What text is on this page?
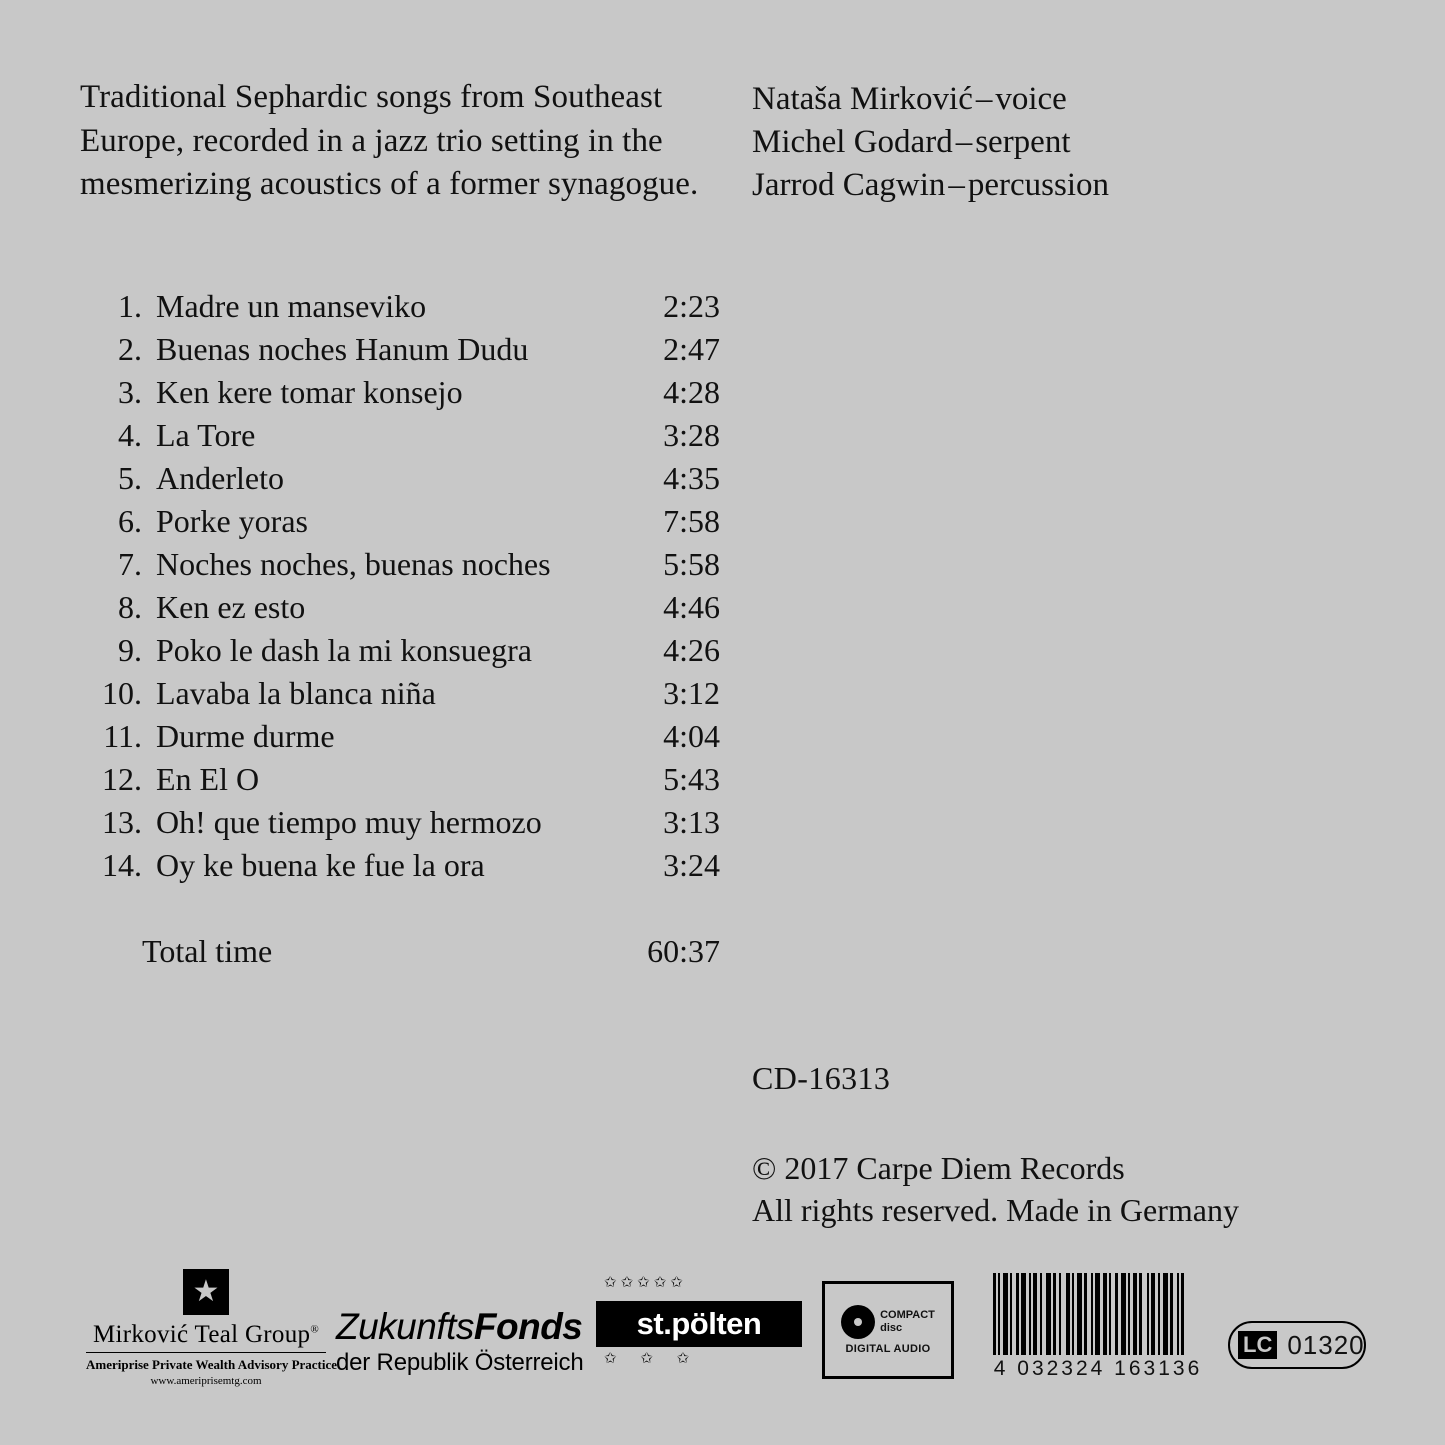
Traditional Sephardic songs from Southeast Europe, recorded in a jazz trio setting in the mesmerizing acoustics of a former synagogue.
Nataša Mirković–voice
Michel Godard–serpent
Jarrod Cagwin–percussion
1. Madre un manseviko	2:23
2. Buenas noches Hanum Dudu	2:47
3. Ken kere tomar konsejo	4:28
4. La Tore	3:28
5. Anderleto	4:35
6. Porke yoras	7:58
7. Noches noches, buenas noches	5:58
8. Ken ez esto	4:46
9. Poko le dash la mi konsuegra	4:26
10. Lavaba la blanca niña	3:12
11. Durme durme	4:04
12. En El O	5:43
13. Oh! que tiempo muy hermozo	3:13
14. Oy ke buena ke fue la ora	3:24
Total time	60:37
CD-16313
© 2017 Carpe Diem Records
All rights reserved. Made in Germany
★
Mirković Teal Group®
Ameriprise Private Wealth Advisory Practice
www.ameriprisemtg.com
ZukunftsFonds
der Republik Österreich
✩✩✩✩✩
st.pölten
✩ ✩ ✩
COMPACT
disc
DIGITAL AUDIO
4 032324 163136
LC 01320
